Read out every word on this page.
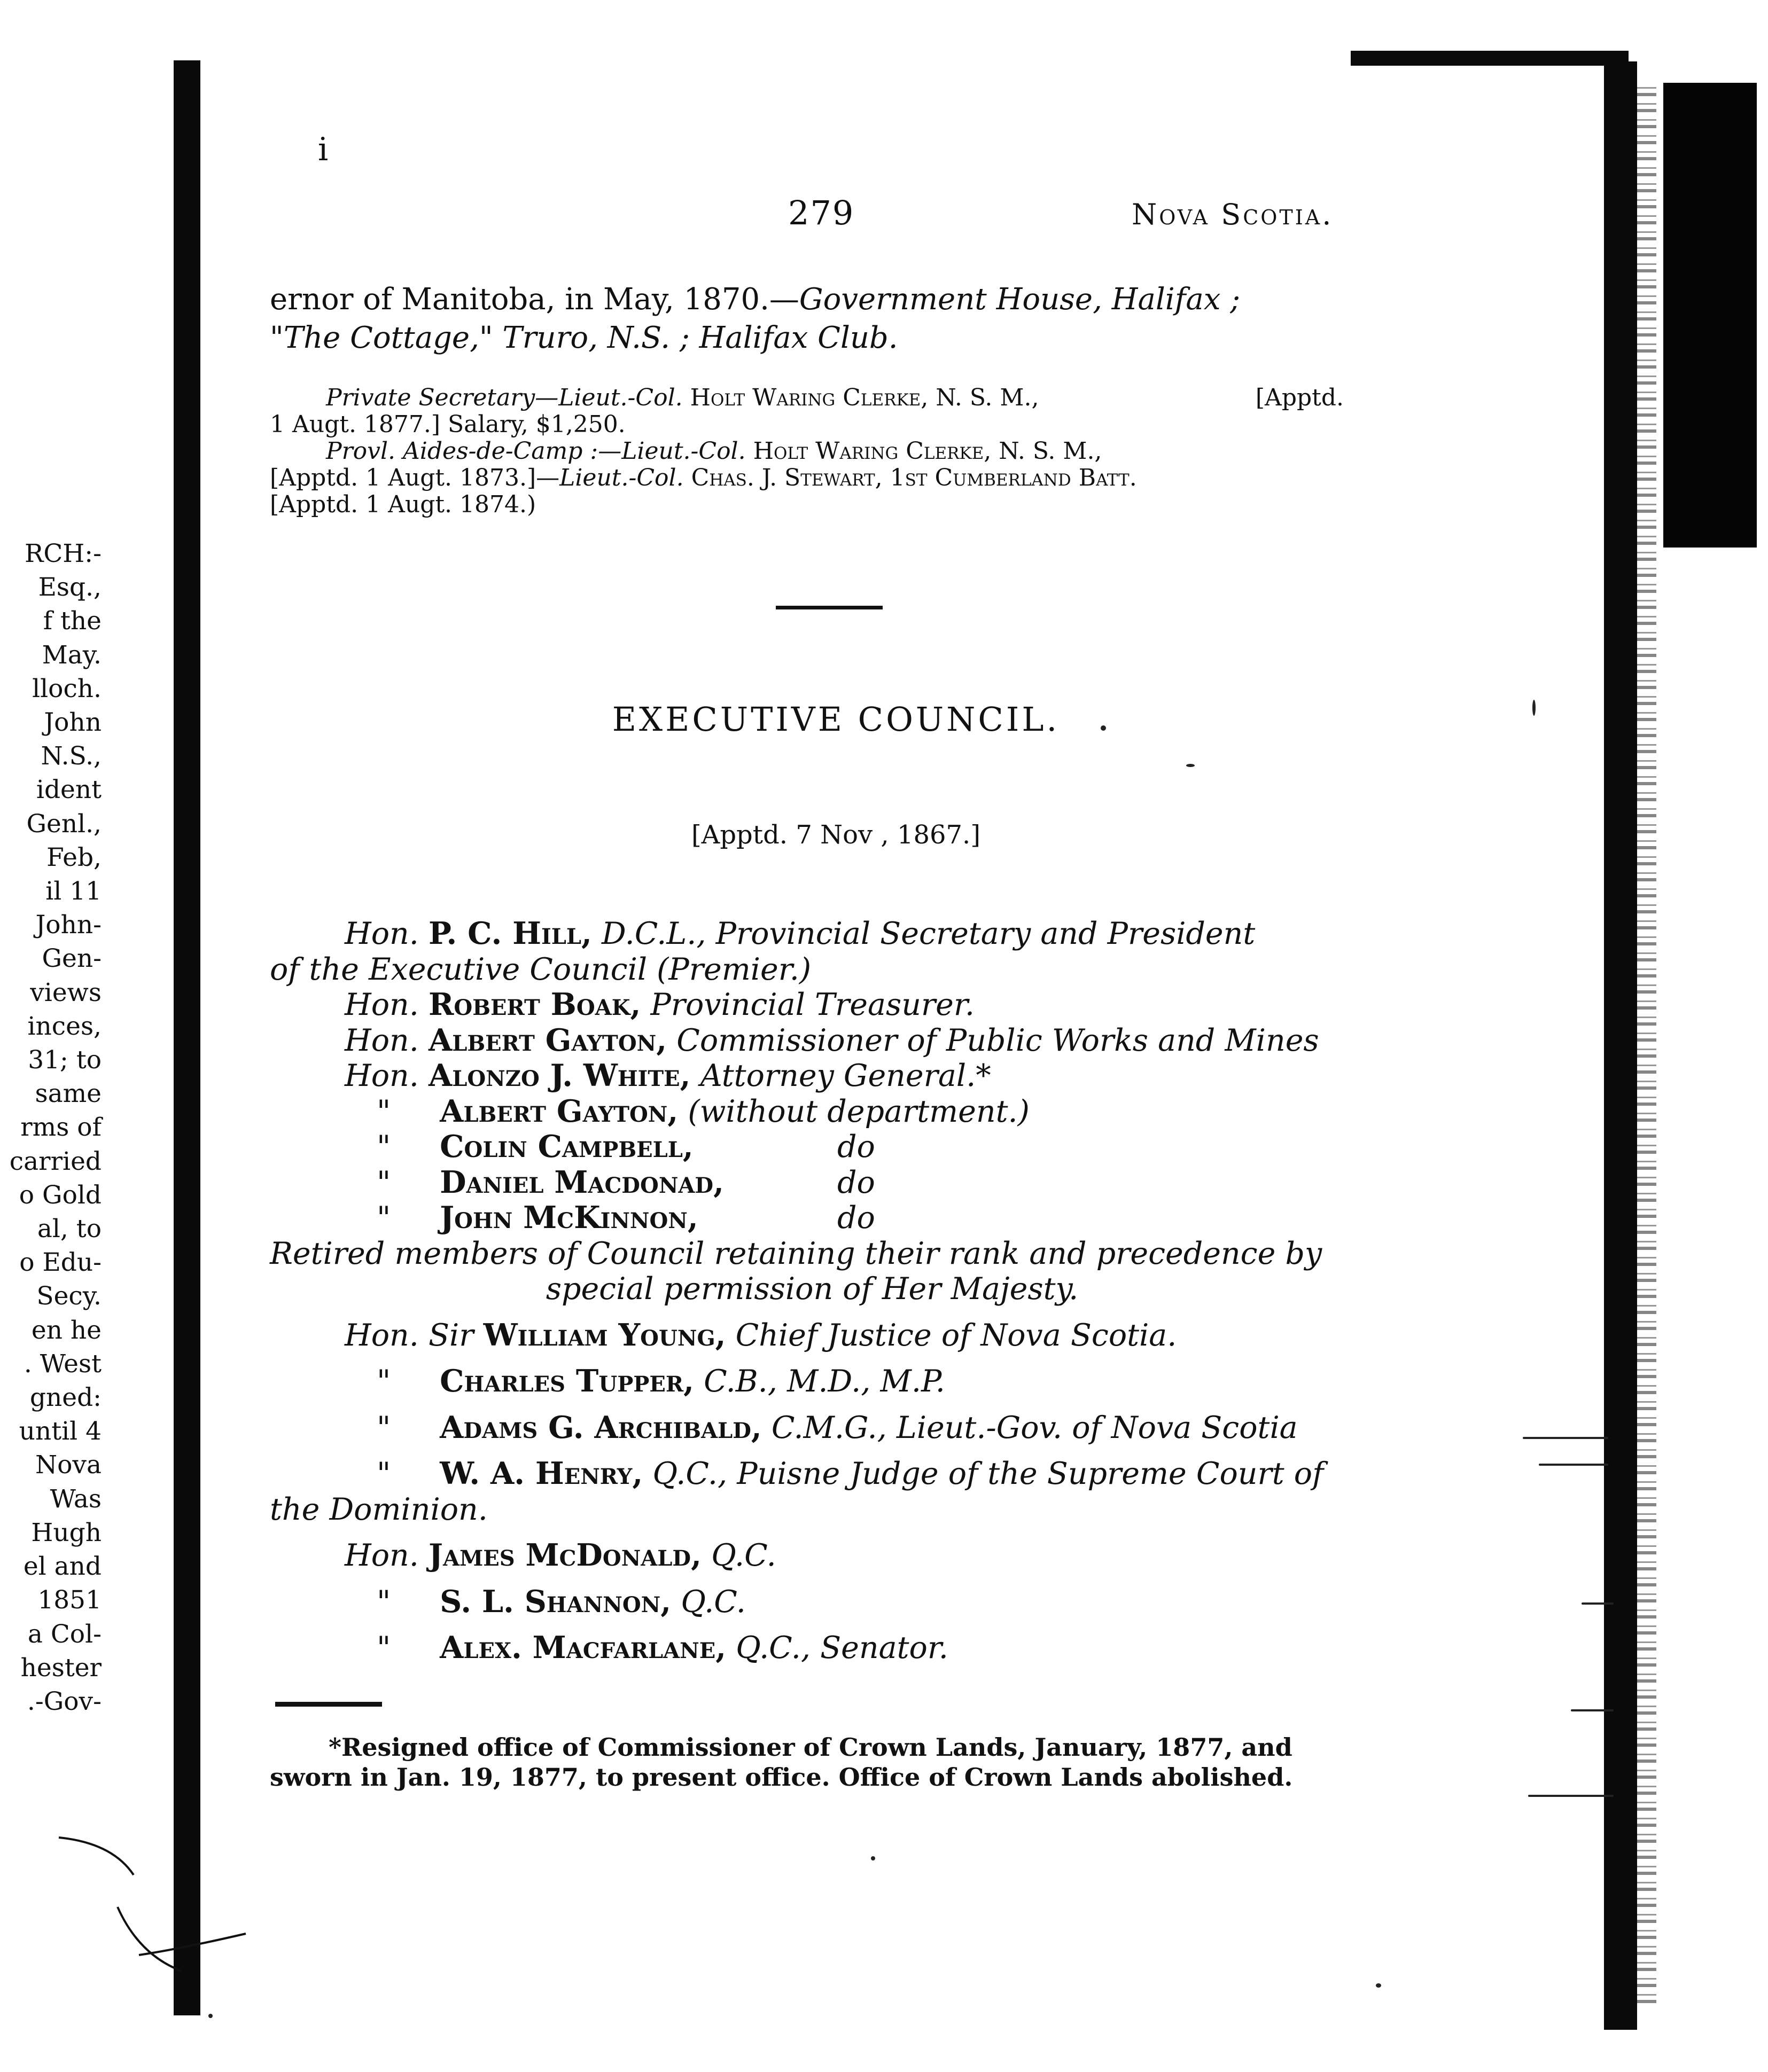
RCH:-
Esq.,
f the
May.
lloch.
John
N.S.,
ident
Genl.,
Feb,
il 11
John-
Gen-
views
inces,
31; to
same
rms of
carried
o Gold
al, to
o Edu-
Secy.
en he
. West
gned:
until 4
Nova
Was
Hugh
el and
1851
a Col-
hester
.-Gov-
i
279	Nova Scotia.
ernor of Manitoba, in May, 1870.—Government House, Halifax ;
"The Cottage," Truro, N.S. ; Halifax Club.
Private Secretary—Lieut.-Col. Holt Waring Clerke, N. S. M.,	[Apptd.
1 Augt. 1877.] Salary, $1,250.
Provl. Aides-de-Camp :—Lieut.-Col. Holt Waring Clerke, N. S. M.,
[Apptd. 1 Augt. 1873.]—Lieut.-Col. Chas. J. Stewart, 1st Cumberland Batt.
[Apptd. 1 Augt. 1874.)
EXECUTIVE COUNCIL.
[Apptd. 7 Nov , 1867.]
Hon. P. C. Hill, D.C.L., Provincial Secretary and President
of the Executive Council (Premier.)
Hon. Robert Boak, Provincial Treasurer.
Hon. Albert Gayton, Commissioner of Public Works and Mines
Hon. Alonzo J. White, Attorney General.*
" Albert Gayton, (without department.)
" Colin Campbell,	do
" Daniel Macdonad,	do
" John McKinnon,	do
Retired members of Council retaining their rank and precedence by
special permission of Her Majesty.
Hon. Sir William Young, Chief Justice of Nova Scotia.
" Charles Tupper, C.B., M.D., M.P.
" Adams G. Archibald, C.M.G., Lieut.-Gov. of Nova Scotia
" W. A. Henry, Q.C., Puisne Judge of the Supreme Court of
the Dominion.
Hon. James McDonald, Q.C.
" S. L. Shannon, Q.C.
" Alex. Macfarlane, Q.C., Senator.
*Resigned office of Commissioner of Crown Lands, January, 1877, and
sworn in Jan. 19, 1877, to present office. Office of Crown Lands abolished.
